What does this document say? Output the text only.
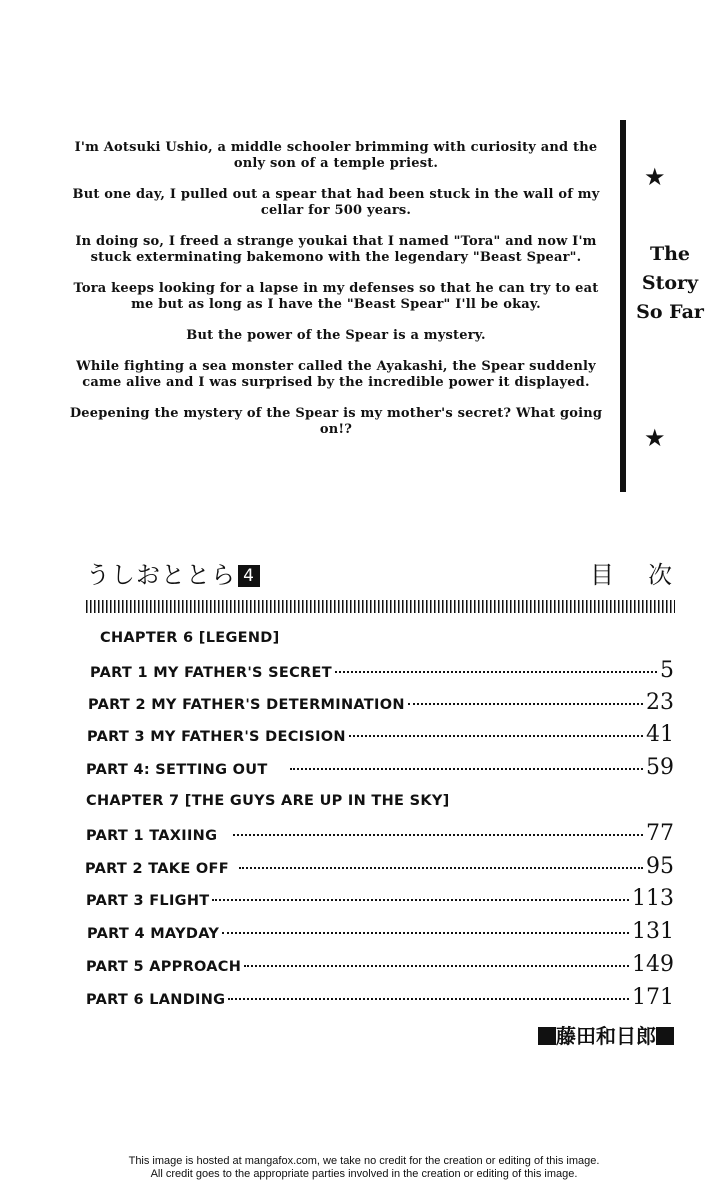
I'm Aotsuki Ushio, a middle schooler brimming with curiosity and the only son of a temple priest.

But one day, I pulled out a spear that had been stuck in the wall of my cellar for 500 years.

In doing so, I freed a strange youkai that I named "Tora" and now I'm stuck exterminating bakemono with the legendary "Beast Spear".

Tora keeps looking for a lapse in my defenses so that he can try to eat me but as long as I have the "Beast Spear" I'll be okay.

But the power of the Spear is a mystery.

While fighting a sea monster called the Ayakashi, the Spear suddenly came alive and I was surprised by the incredible power it displayed.

Deepening the mystery of the Spear is my mother's secret? What going on!?

★
The
Story
So Far
★
うしおととら 4	目次
CHAPTER 6 [LEGEND]
PART 1 MY FATHER'S SECRET	5
PART 2 MY FATHER'S DETERMINATION	23
PART 3 MY FATHER'S DECISION	41
PART 4: SETTING OUT	59
CHAPTER 7 [THE GUYS ARE UP IN THE SKY]
PART 1 TAXIING	77
PART 2 TAKE OFF	95
PART 3 FLIGHT	113
PART 4 MAYDAY	131
PART 5 APPROACH	149
PART 6 LANDING	171
藤田和日郎
This image is hosted at mangafox.com, we take no credit for the creation or editing of this image.
All credit goes to the appropriate parties involved in the creation or editing of this image.
